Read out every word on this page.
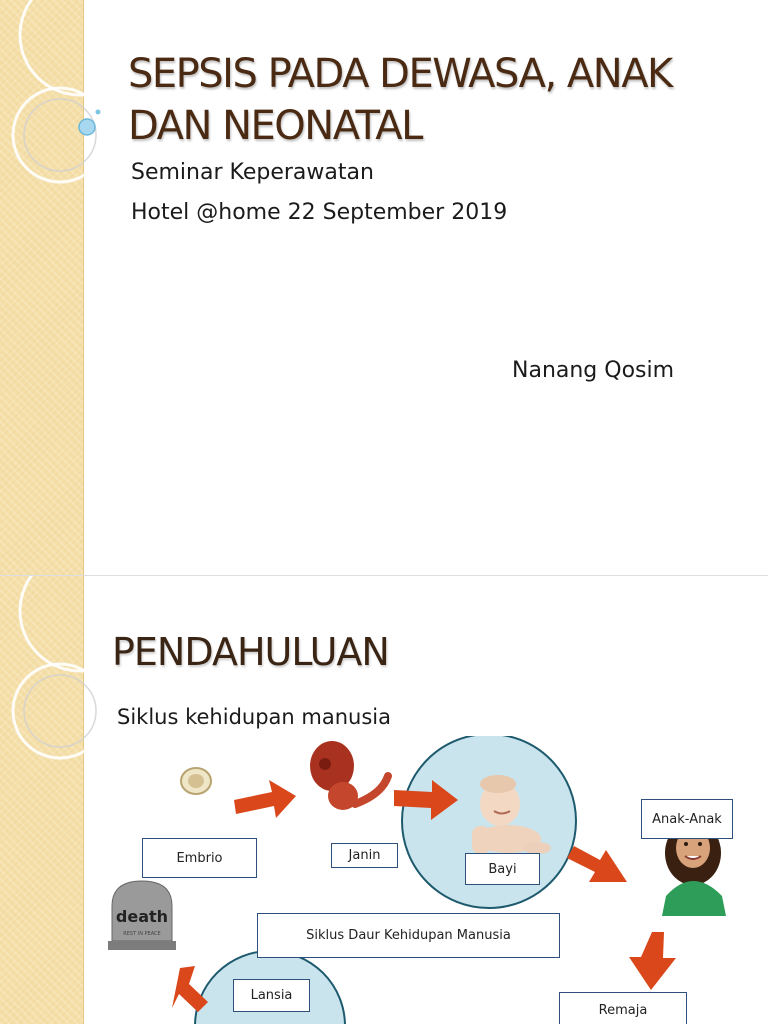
SEPSIS PADA DEWASA, ANAK
DAN NEONATAL
Seminar Keperawatan
Hotel @home 22 September 2019
Nanang Qosim
PENDAHULUAN
Siklus kehidupan manusia
death
REST IN PEACE
Embrio	Janin
Bayi
Anak-Anak
Siklus Daur Kehidupan Manusia
Lansia
Remaja
